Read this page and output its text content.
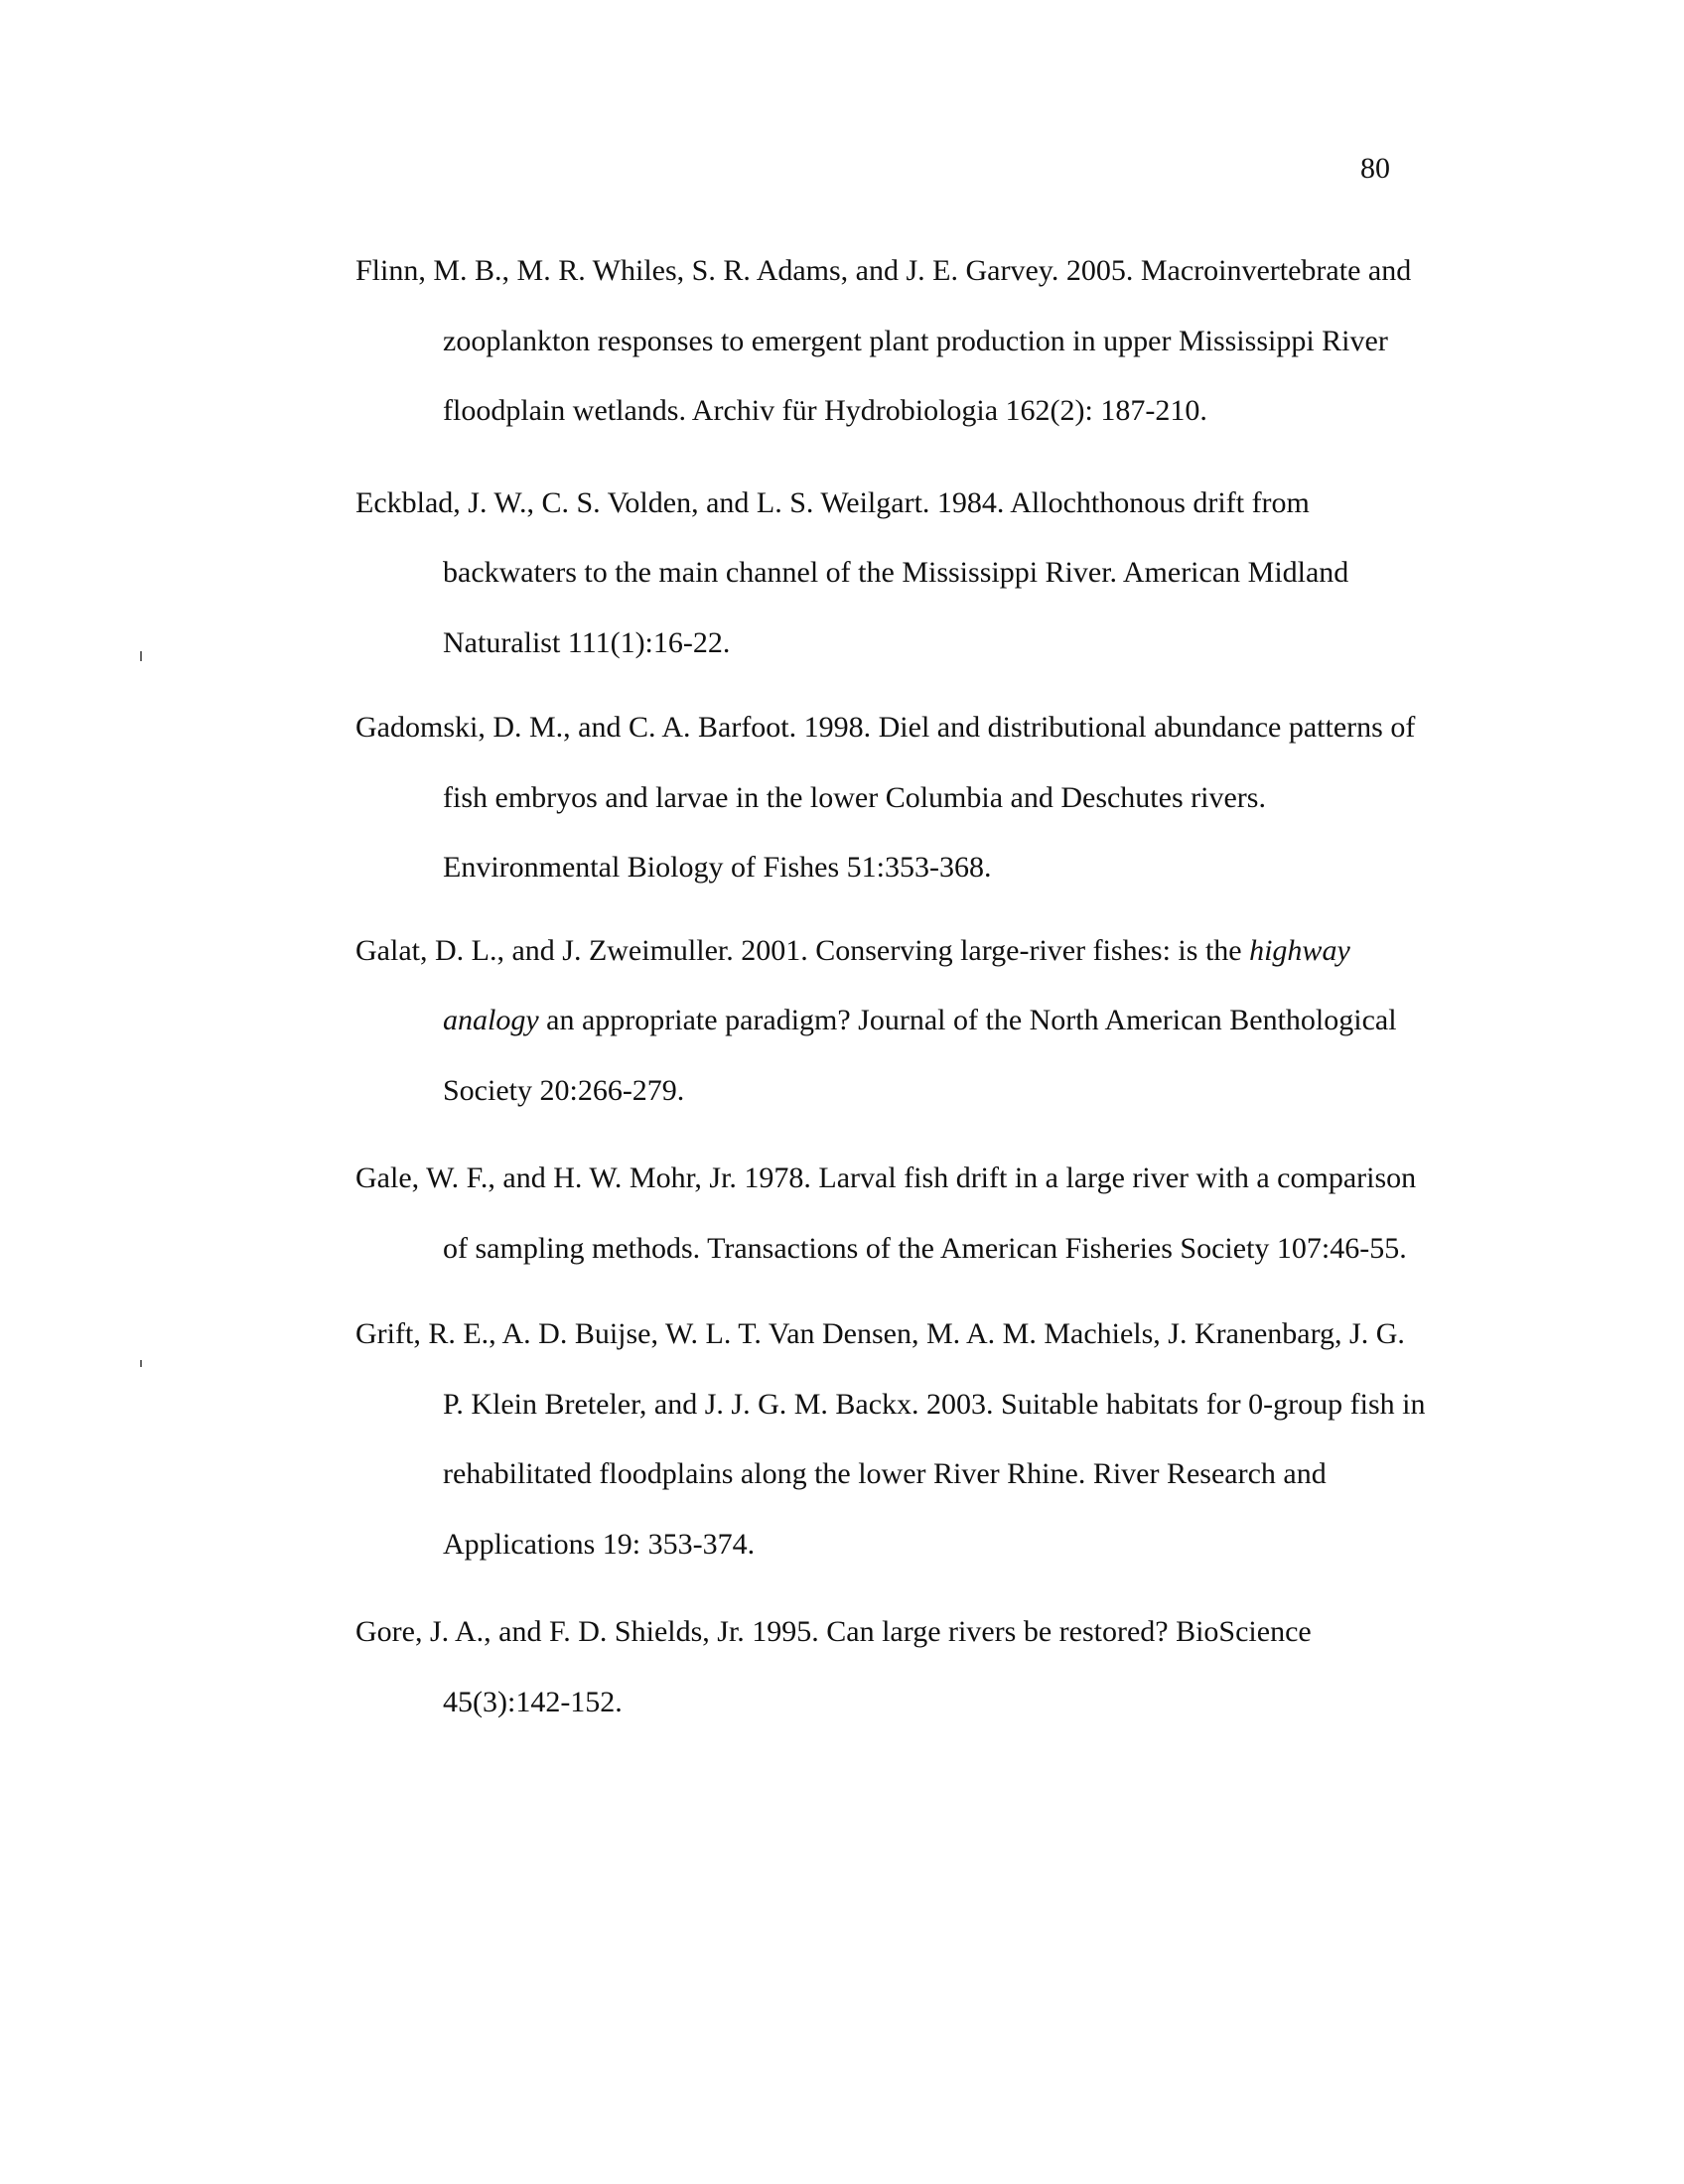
80

Flinn, M. B., M. R. Whiles, S. R. Adams, and J. E. Garvey. 2005. Macroinvertebrate and zooplankton responses to emergent plant production in upper Mississippi River floodplain wetlands. Archiv für Hydrobiologia 162(2): 187-210.

Eckblad, J. W., C. S. Volden, and L. S. Weilgart. 1984. Allochthonous drift from backwaters to the main channel of the Mississippi River. American Midland Naturalist 111(1):16-22.

Gadomski, D. M., and C. A. Barfoot. 1998. Diel and distributional abundance patterns of fish embryos and larvae in the lower Columbia and Deschutes rivers. Environmental Biology of Fishes 51:353-368.

Galat, D. L., and J. Zweimuller. 2001. Conserving large-river fishes: is the highway analogy an appropriate paradigm? Journal of the North American Benthological Society 20:266-279.

Gale, W. F., and H. W. Mohr, Jr. 1978. Larval fish drift in a large river with a comparison of sampling methods. Transactions of the American Fisheries Society 107:46-55.

Grift, R. E., A. D. Buijse, W. L. T. Van Densen, M. A. M. Machiels, J. Kranenbarg, J. G. P. Klein Breteler, and J. J. G. M. Backx. 2003. Suitable habitats for 0-group fish in rehabilitated floodplains along the lower River Rhine. River Research and Applications 19: 353-374.

Gore, J. A., and F. D. Shields, Jr. 1995. Can large rivers be restored? BioScience 45(3):142-152.
